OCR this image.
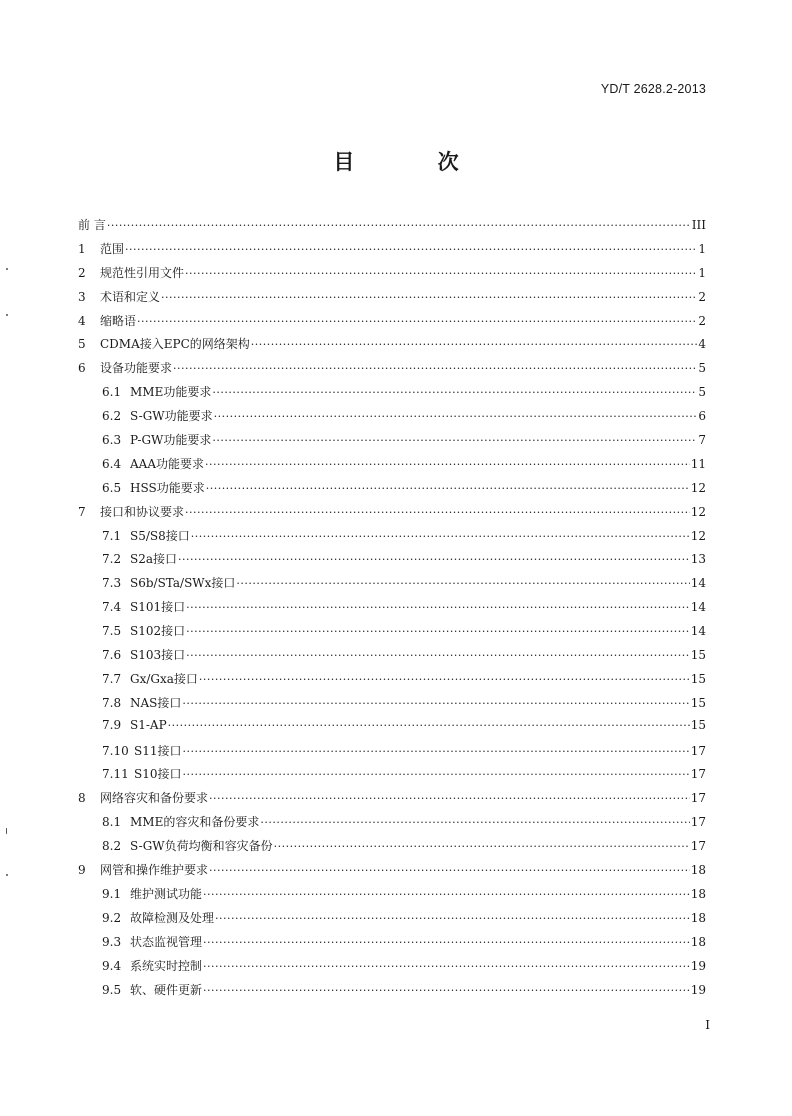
YD/T 2628.2-2013
目 次
前 言 ·····	III
1	范围 ·····	1
2	规范性引用文件 ·····	1
3	术语和定义 ·····	2
4	缩略语 ·····	2
5	CDMA接入EPC的网络架构 ·····	4
6	设备功能要求 ·····	5
6.1 MME功能要求 ·····	5
6.2 S-GW功能要求 ·····	6
6.3 P-GW功能要求 ·····	7
6.4 AAA功能要求 ·····	11
6.5 HSS功能要求 ·····	12
7	接口和协议要求 ·····	12
7.1 S5/S8接口 ·····	12
7.2 S2a接口 ·····	13
7.3 S6b/STa/SWx接口 ·····	14
7.4 S101接口 ·····	14
7.5 S102接口 ·····	14
7.6 S103接口 ·····	15
7.7 Gx/Gxa接口 ·····	15
7.8 NAS接口 ·····	15
7.9 S1-AP ·····	15
7.10 S11接口 ·····	17
7.11 S10接口 ·····	17
8	网络容灾和备份要求 ·····	17
8.1 MME的容灾和备份要求 ·····	17
8.2 S-GW负荷均衡和容灾备份 ·····	17
9	网管和操作维护要求 ·····	18
9.1 维护测试功能 ·····	18
9.2 故障检测及处理 ·····	18
9.3 状态监视管理 ·····	18
9.4 系统实时控制 ·····	19
9.5 软、硬件更新 ·····	19
I
